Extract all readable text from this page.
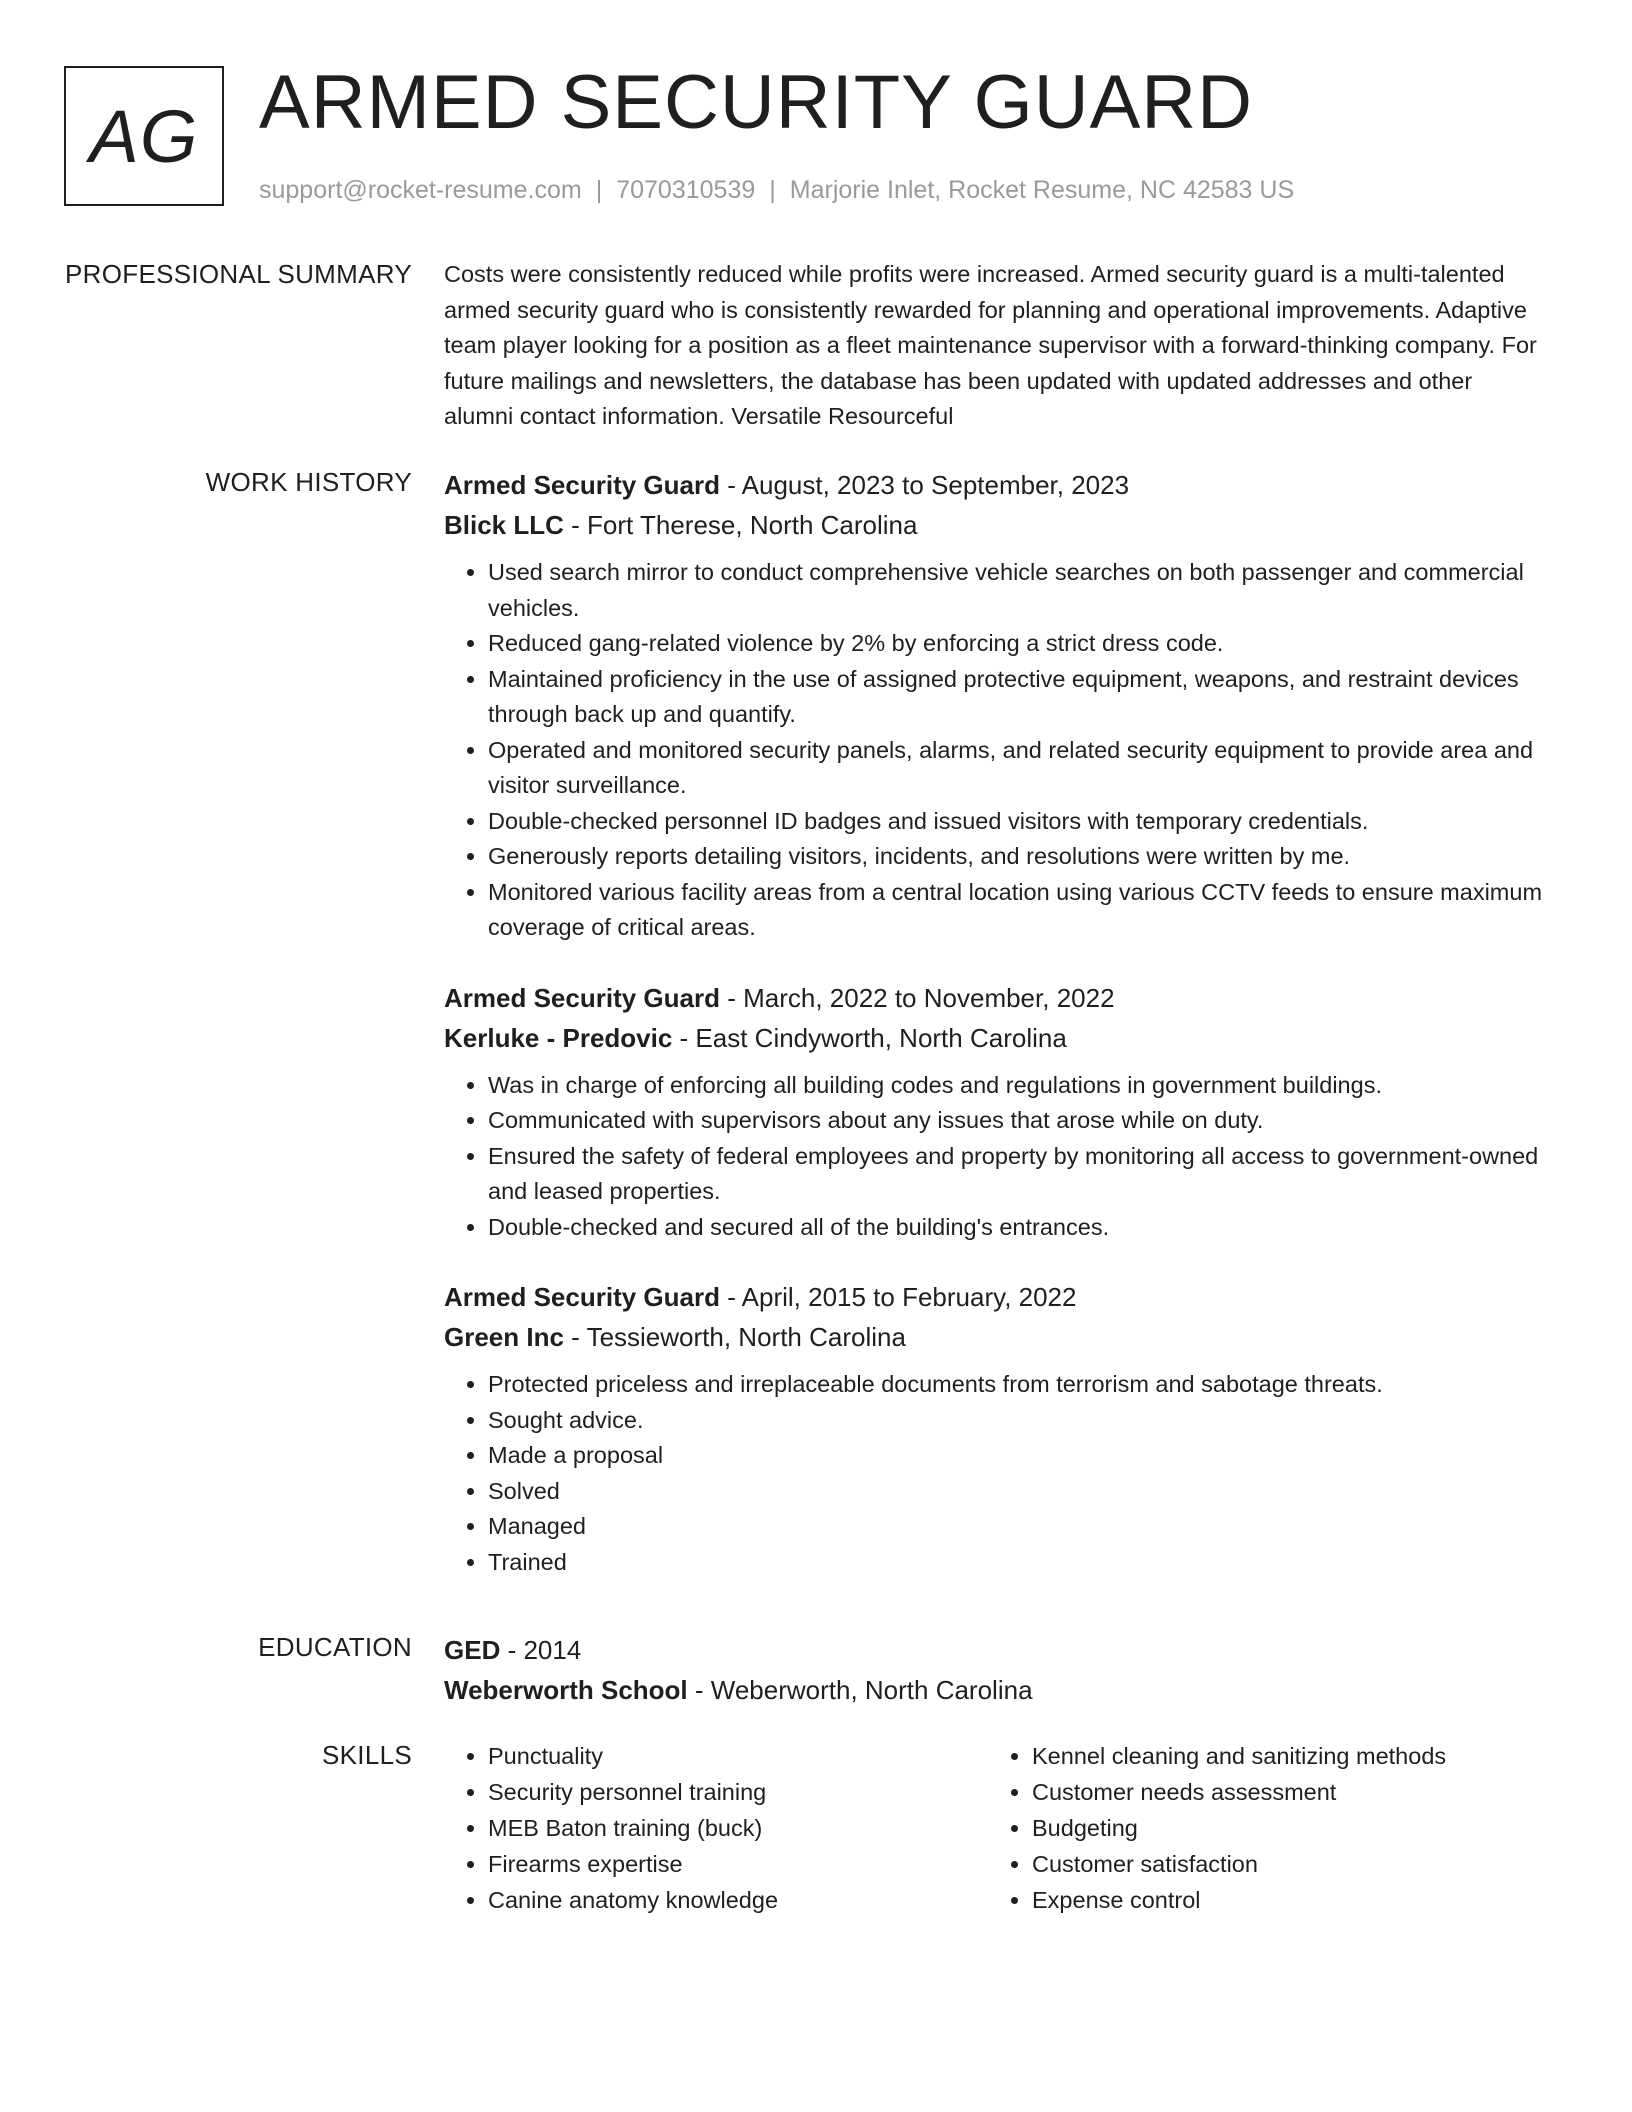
AG ARMED SECURITY GUARD
support@rocket-resume.com | 7070310539 | Marjorie Inlet, Rocket Resume, NC 42583 US
PROFESSIONAL SUMMARY Costs were consistently reduced while profits were increased. Armed security guard is a multi-talented armed security guard who is consistently rewarded for planning and operational improvements. Adaptive team player looking for a position as a fleet maintenance supervisor with a forward-thinking company. For future mailings and newsletters, the database has been updated with updated addresses and other alumni contact information. Versatile Resourceful

WORK HISTORY Armed Security Guard - August, 2023 to September, 2023
Blick LLC - Fort Therese, North Carolina
• Used search mirror to conduct comprehensive vehicle searches on both passenger and commercial vehicles.
• Reduced gang-related violence by 2% by enforcing a strict dress code.
• Maintained proficiency in the use of assigned protective equipment, weapons, and restraint devices through back up and quantify.
• Operated and monitored security panels, alarms, and related security equipment to provide area and visitor surveillance.
• Double-checked personnel ID badges and issued visitors with temporary credentials.
• Generously reports detailing visitors, incidents, and resolutions were written by me.
• Monitored various facility areas from a central location using various CCTV feeds to ensure maximum coverage of critical areas.
Armed Security Guard - March, 2022 to November, 2022
Kerluke - Predovic - East Cindyworth, North Carolina
• Was in charge of enforcing all building codes and regulations in government buildings.
• Communicated with supervisors about any issues that arose while on duty.
• Ensured the safety of federal employees and property by monitoring all access to government-owned and leased properties.
• Double-checked and secured all of the building's entrances.
Armed Security Guard - April, 2015 to February, 2022
Green Inc - Tessieworth, North Carolina
• Protected priceless and irreplaceable documents from terrorism and sabotage threats.
• Sought advice.
• Made a proposal
• Solved
• Managed
• Trained
EDUCATION GED - 2014
Weberworth School - Weberworth, North Carolina
SKILLS
•	Punctuality
• Security personnel training
• MEB Baton training (buck)
• Firearms expertise
• Canine anatomy knowledge
• Kennel cleaning and sanitizing methods
• Customer needs assessment
• Budgeting
• Customer satisfaction
• Expense control
